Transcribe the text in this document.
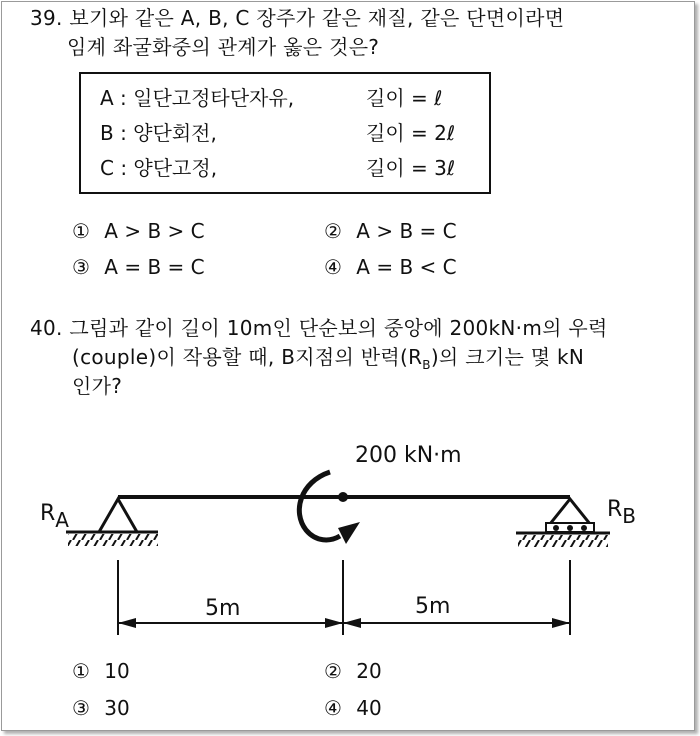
39. 보기와 같은 A, B, C 장주가 같은 재질, 같은 단면이라면
임계 좌굴화중의 관계가 옳은 것은?
A : 일단고정타단자유,	길이 = ℓ
B : 양단회전,	길이 = 2ℓ
C : 양단고정,	길이 = 3ℓ
① A > B > C	② A > B = C
③ A = B = C	④ A = B < C
40. 그림과 같이 길이 10m인 단순보의 중앙에 200kN·m의 우력
(couple)이 작용할 때, B지점의 반력$(R_B)$의 크기는 몇 kN
인가?
200 kN·m
RA	RB
5m	5m
① 10	② 20
③ 30	④ 40
